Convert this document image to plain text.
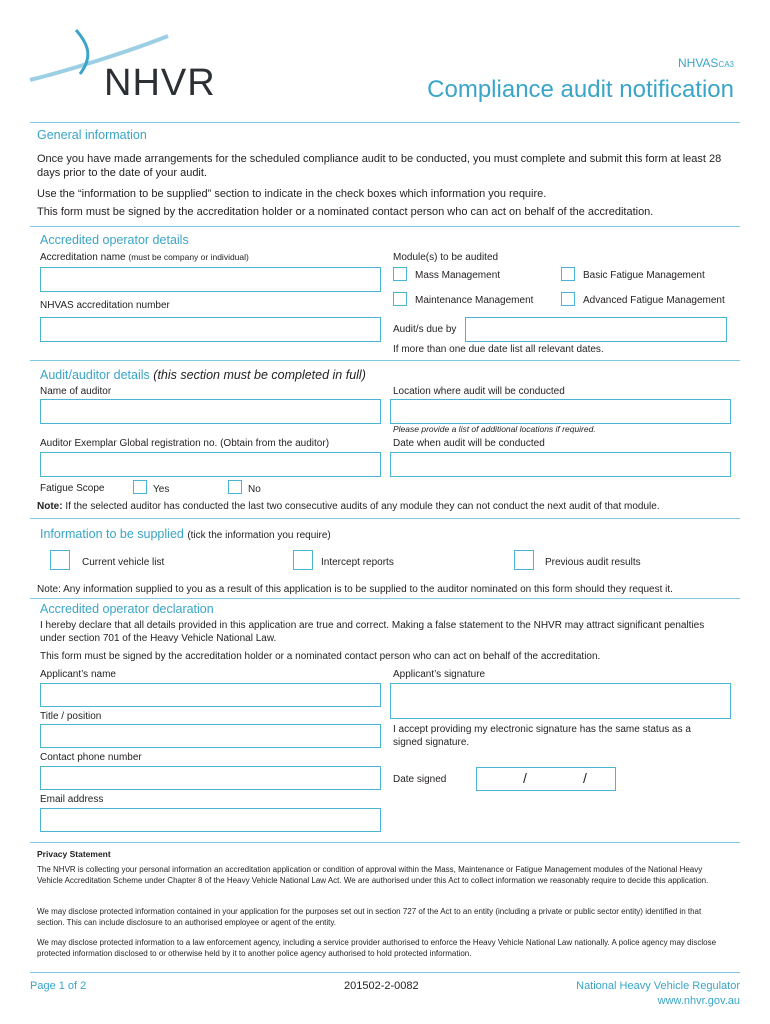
NHVR	NHVASCA3
Compliance audit notification
General information

Once you have made arrangements for the scheduled compliance audit to be conducted, you must complete and submit this form at least 28 days prior to the date of your audit.

Use the “information to be supplied” section to indicate in the check boxes which information you require.

This form must be signed by the accreditation holder or a nominated contact person who can act on behalf of the accreditation.

Accredited operator details
Accreditation name (must be company or individual)
NHVAS accreditation number
Module(s) to be audited
Mass Management	Basic Fatigue Management
Maintenance Management	Advanced Fatigue Management
Audit/s due by
If more than one due date list all relevant dates.
Audit/auditor details (this section must be completed in full)
Name of auditor	Location where audit will be conducted
Please provide a list of additional locations if required.
Auditor Exemplar Global registration no. (Obtain from the auditor)	Date when audit will be conducted
Fatigue Scope	Yes	No
Note: If the selected auditor has conducted the last two consecutive audits of any module they can not conduct the next audit of that module.
Information to be supplied (tick the information you require)
Current vehicle list	Intercept reports	Previous audit results
Note: Any information supplied to you as a result of this application is to be supplied to the auditor nominated on this form should they request it.
Accredited operator declaration

I hereby declare that all details provided in this application are true and correct. Making a false statement to the NHVR may attract significant penalties under section 701 of the Heavy Vehicle National Law.

This form must be signed by the accreditation holder or a nominated contact person who can act on behalf of the accreditation.

Applicant’s name	Applicant’s signature
Title / position

I accept providing my electronic signature has the same status as a signed signature.

Contact phone number
Date signed	/	/
Email address
Privacy Statement

The NHVR is collecting your personal information an accreditation application or condition of approval within the Mass, Maintenance or Fatigue Management modules of the National Heavy Vehicle Accreditation Scheme under Chapter 8 of the Heavy Vehicle National Law Act. We are authorised under this Act to collect information we reasonably require to decide this application.

We may disclose protected information contained in your application for the purposes set out in section 727 of the Act to an entity (including a private or public sector entity) identified in that section. This can include disclosure to an authorised employee or agent of the entity.

We may disclose protected information to a law enforcement agency, including a service provider authorised to enforce the Heavy Vehicle National Law nationally. A police agency may disclose protected information disclosed to or otherwise held by it to another police agency authorised to hold protected information.

Page 1 of 2	201502-2-0082	National Heavy Vehicle Regulator
www.nhvr.gov.au
